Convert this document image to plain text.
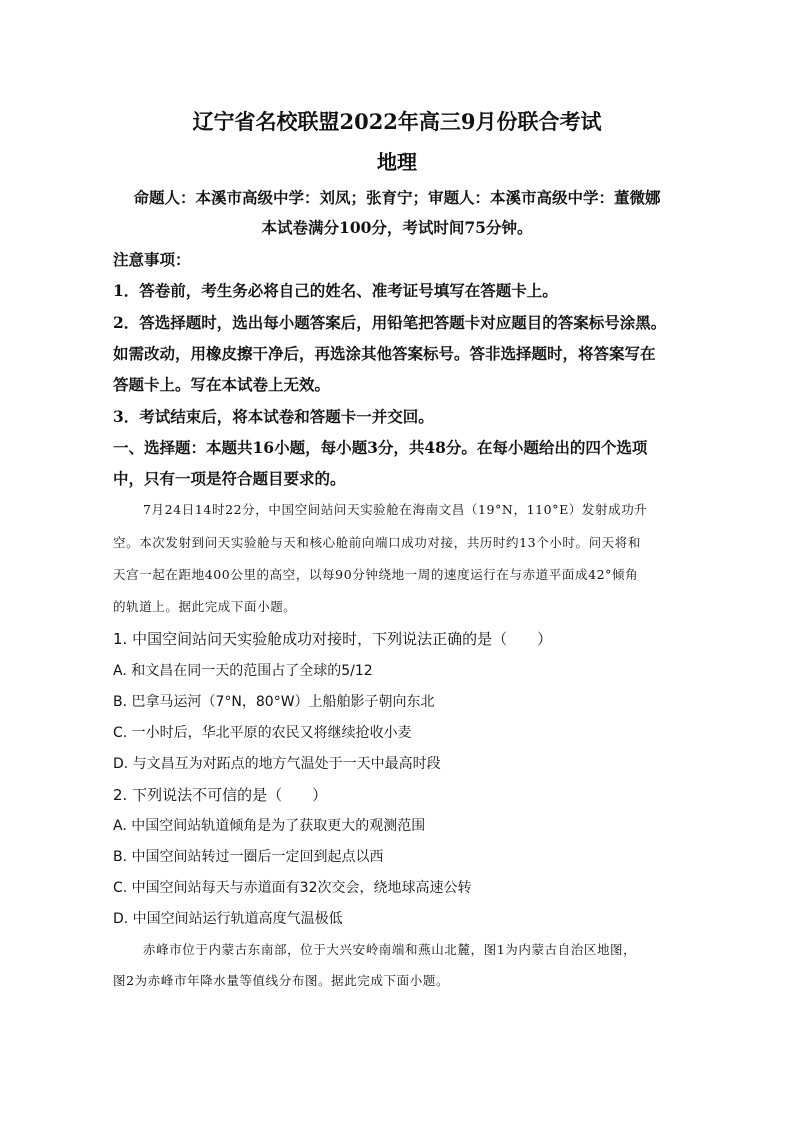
辽宁省名校联盟2022年高三9月份联合考试
地理
命题人：本溪市高级中学：刘凤；张育宁；审题人：本溪市高级中学：董微娜
本试卷满分100分，考试时间75分钟。
注意事项：
1．答卷前，考生务必将自己的姓名、准考证号填写在答题卡上。
2．答选择题时，选出每小题答案后，用铅笔把答题卡对应题目的答案标号涂黑。
如需改动，用橡皮擦干净后，再选涂其他答案标号。答非选择题时，将答案写在
答题卡上。写在本试卷上无效。
3．考试结束后，将本试卷和答题卡一并交回。
一、选择题：本题共16小题，每小题3分，共48分。在每小题给出的四个选项
中，只有一项是符合题目要求的。
7月24日14时22分，中国空间站问天实验舱在海南文昌（19°N，110°E）发射成功升
空。本次发射到问天实验舱与天和核心舱前向端口成功对接，共历时约13个小时。问天将和
天宫一起在距地400公里的高空，以每90分钟绕地一周的速度运行在与赤道平面成42°倾角
的轨道上。据此完成下面小题。
1. 中国空间站问天实验舱成功对接时，下列说法正确的是（　　）
A. 和文昌在同一天的范围占了全球的5/12
B. 巴拿马运河（7°N，80°W）上船舶影子朝向东北
C. 一小时后，华北平原的农民又将继续抢收小麦
D. 与文昌互为对跖点的地方气温处于一天中最高时段
2. 下列说法不可信的是（　　）
A. 中国空间站轨道倾角是为了获取更大的观测范围
B. 中国空间站转过一圈后一定回到起点以西
C. 中国空间站每天与赤道面有32次交会，绕地球高速公转
D. 中国空间站运行轨道高度气温极低
赤峰市位于内蒙古东南部，位于大兴安岭南端和燕山北麓，图1为内蒙古自治区地图，
图2为赤峰市年降水量等值线分布图。据此完成下面小题。
